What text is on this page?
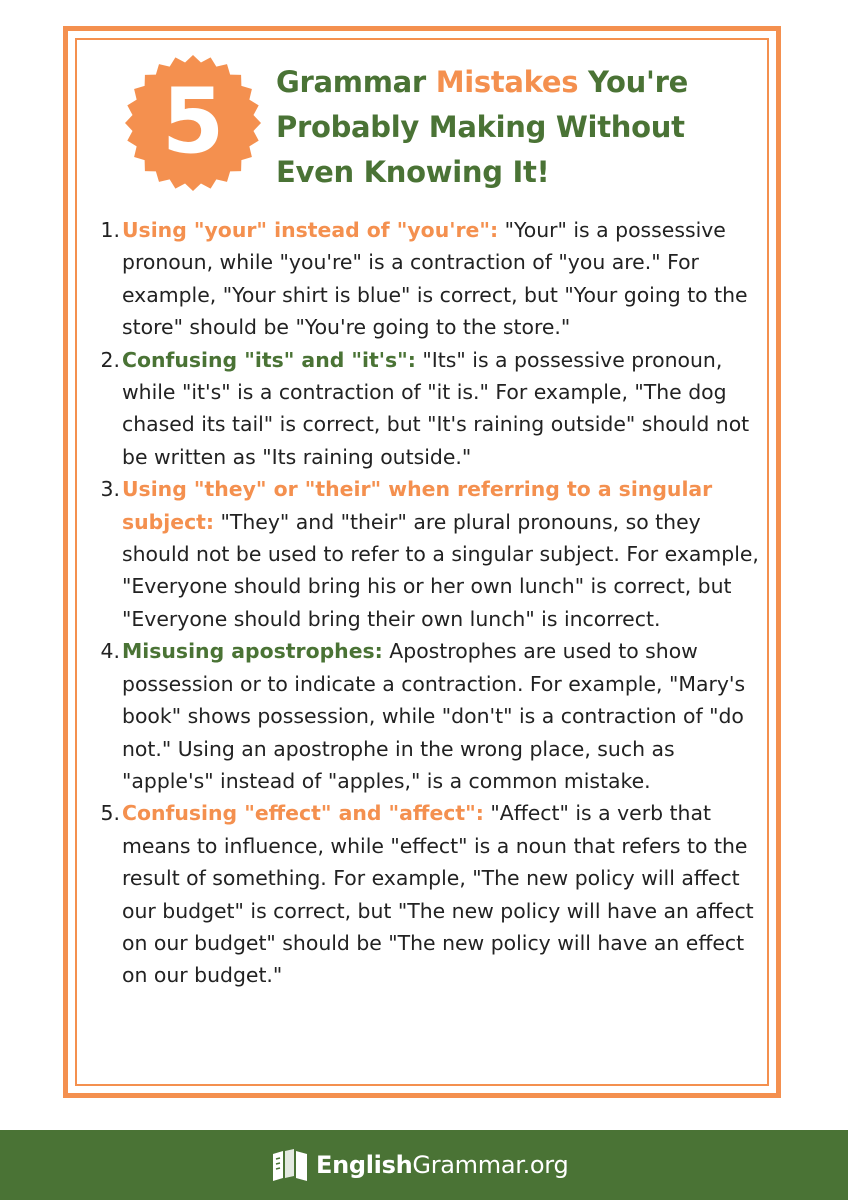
5 Grammar Mistakes You're Probably Making Without Even Knowing It!
1. Using "your" instead of "you're": "Your" is a possessive pronoun, while "you're" is a contraction of "you are." For example, "Your shirt is blue" is correct, but "Your going to the store" should be "You're going to the store."
2. Confusing "its" and "it's": "Its" is a possessive pronoun, while "it's" is a contraction of "it is." For example, "The dog chased its tail" is correct, but "It's raining outside" should not be written as "Its raining outside."
3. Using "they" or "their" when referring to a singular subject: "They" and "their" are plural pronouns, so they should not be used to refer to a singular subject. For example, "Everyone should bring his or her own lunch" is correct, but "Everyone should bring their own lunch" is incorrect.
4. Misusing apostrophes: Apostrophes are used to show possession or to indicate a contraction. For example, "Mary's book" shows possession, while "don't" is a contraction of "do not." Using an apostrophe in the wrong place, such as "apple's" instead of "apples," is a common mistake.
5. Confusing "effect" and "affect": "Affect" is a verb that means to influence, while "effect" is a noun that refers to the result of something. For example, "The new policy will affect our budget" is correct, but "The new policy will have an affect on our budget" should be "The new policy will have an effect on our budget."
EnglishGrammar.org
